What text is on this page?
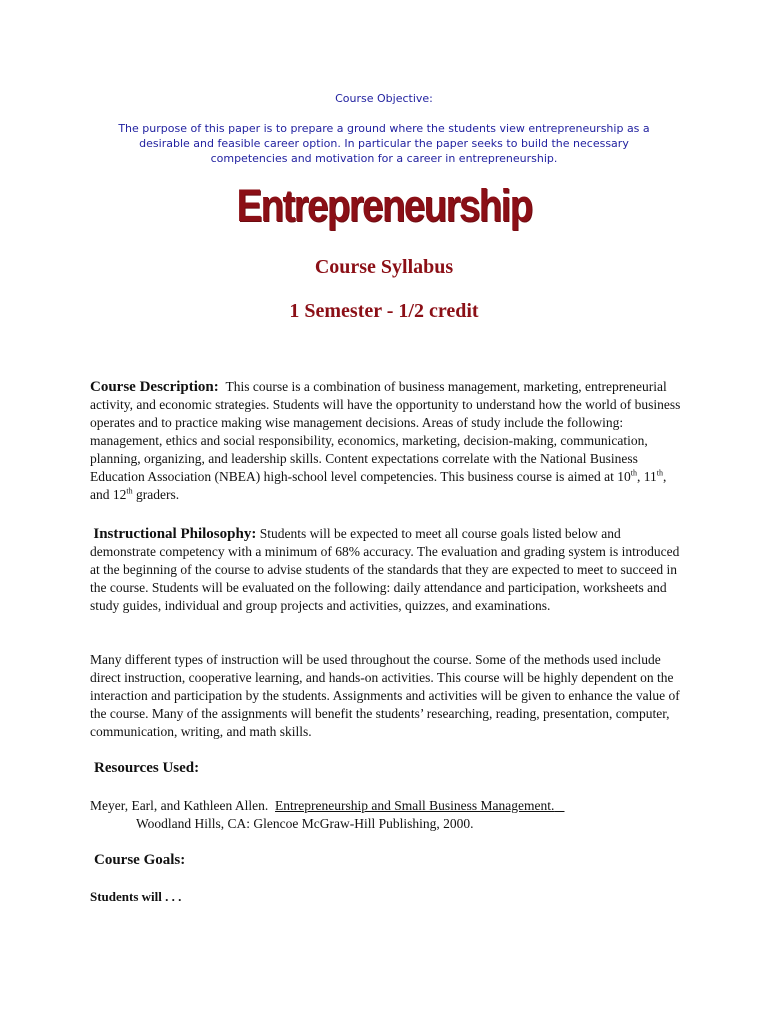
Course Objective:
The purpose of this paper is to prepare a ground where the students view entrepreneurship as a desirable and feasible career option. In particular the paper seeks to build the necessary competencies and motivation for a career in entrepreneurship.
Entrepreneurship
Course Syllabus
1 Semester - 1/2 credit
Course Description: This course is a combination of business management, marketing, entrepreneurial activity, and economic strategies. Students will have the opportunity to understand how the world of business operates and to practice making wise management decisions. Areas of study include the following: management, ethics and social responsibility, economics, marketing, decision-making, communication, planning, organizing, and leadership skills. Content expectations correlate with the National Business Education Association (NBEA) high-school level competencies. This business course is aimed at 10th, 11th, and 12th graders.
Instructional Philosophy: Students will be expected to meet all course goals listed below and demonstrate competency with a minimum of 68% accuracy. The evaluation and grading system is introduced at the beginning of the course to advise students of the standards that they are expected to meet to succeed in the course. Students will be evaluated on the following: daily attendance and participation, worksheets and study guides, individual and group projects and activities, quizzes, and examinations.
Many different types of instruction will be used throughout the course. Some of the methods used include direct instruction, cooperative learning, and hands-on activities. This course will be highly dependent on the interaction and participation by the students. Assignments and activities will be given to enhance the value of the course. Many of the assignments will benefit the students’ researching, reading, presentation, computer, communication, writing, and math skills.
Resources Used:
Meyer, Earl, and Kathleen Allen. Entrepreneurship and Small Business Management.
Woodland Hills, CA: Glencoe McGraw-Hill Publishing, 2000.
Course Goals:
Students will . . .
